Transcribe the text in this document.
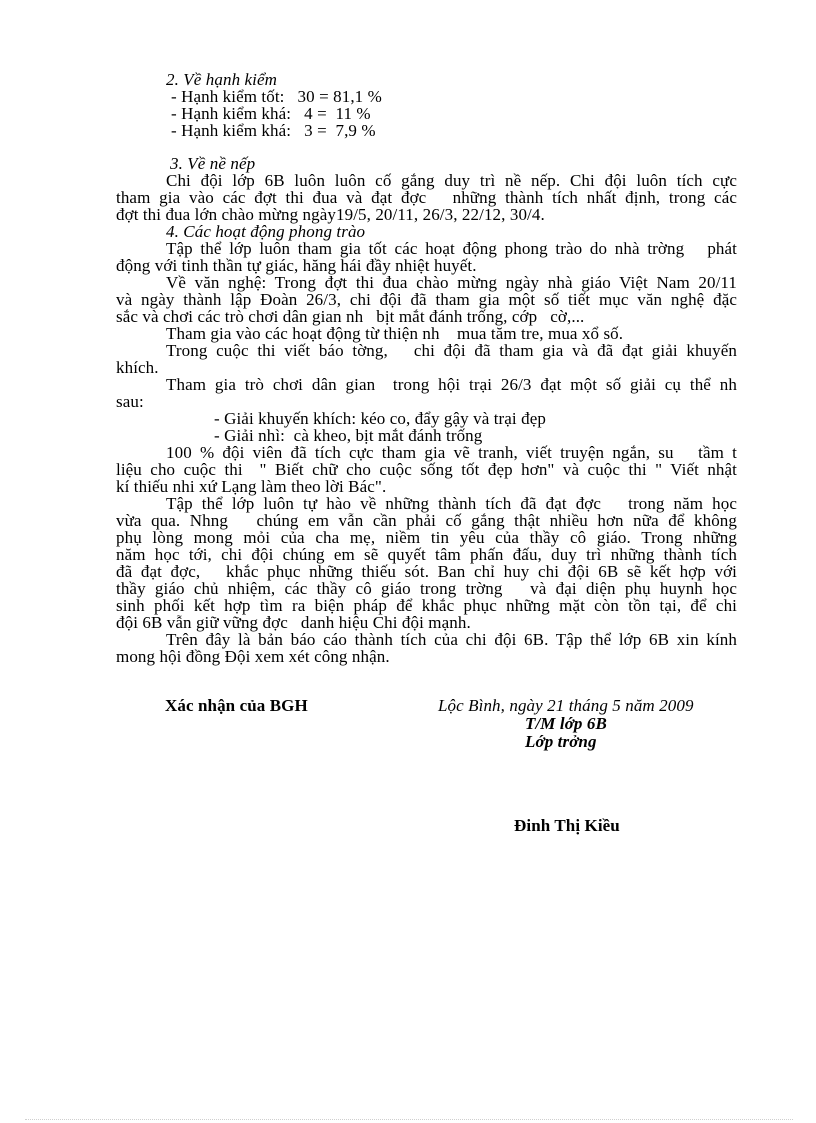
2. Về hạnh kiểm
- Hạnh kiểm tốt:   30 = 81,1 %
- Hạnh kiểm khá:   4 =  11 %
- Hạnh kiểm khá:   3 =  7,9 %
3. Về nề nếp
Chi đội lớp 6B luôn luôn cố gắng duy trì nề nếp. Chi đội luôn tích cực
tham gia vào các đợt thi đua và đạt đợc   những thành tích nhất định, trong các
đợt thi đua lớn chào mừng ngày19/5, 20/11, 26/3, 22/12, 30/4.
4. Các hoạt động phong trào
Tập thể lớp luôn tham gia tốt các hoạt động phong trào do nhà trờng   phát
động với tinh thần tự giác, hăng hái đầy nhiệt huyết.
Về văn nghệ: Trong đợt thi đua chào mừng ngày nhà giáo Việt Nam 20/11
và ngày thành lập Đoàn 26/3, chi đội đã tham gia một số tiết mục văn nghệ đặc
sắc và chơi các trò chơi dân gian nh   bịt mắt đánh trống, cớp   cờ,...
Tham gia vào các hoạt động từ thiện nh    mua tăm tre, mua xổ số.
Trong cuộc thi viết báo tờng,   chi đội đã tham gia và đã đạt giải khuyến
khích.
Tham gia trò chơi dân gian  trong hội trại 26/3 đạt một số giải cụ thể nh
sau:
- Giải khuyến khích: kéo co, đẩy gậy và trại đẹp
- Giải nhì:  cà kheo, bịt mắt đánh trống
100 % đội viên đã tích cực tham gia vẽ tranh, viết truyện ngắn, su   tầm t
liệu cho cuộc thi  " Biết chữ cho cuộc sống tốt đẹp hơn" và cuộc thi " Viết nhật
kí thiếu nhi xứ Lạng làm theo lời Bác".
Tập thể lớp luôn tự hào về những thành tích đã đạt đợc   trong năm học
vừa qua. Nhng   chúng em vẫn cần phải cố gắng thật nhiều hơn nữa để không
phụ lòng mong mỏi của cha mẹ, niềm tin yêu của thầy cô giáo. Trong những
năm học tới, chi đội chúng em sẽ quyết tâm phấn đấu, duy trì những thành tích
đã đạt đợc,   khắc phục những thiếu sót. Ban chỉ huy chi đội 6B sẽ kết hợp với
thầy giáo chủ nhiệm, các thầy cô giáo trong trờng   và đại diện phụ huynh học
sinh phối kết hợp tìm ra biện pháp để khắc phục những mặt còn tồn tại, để chi
đội 6B vẫn giữ vững đợc   danh hiệu Chi đội mạnh.
Trên đây là bản báo cáo thành tích của chi đội 6B. Tập thể lớp 6B xin kính
mong hội đồng Đội xem xét công nhận.
Xác nhận của BGH	Lộc Bình, ngày 21 tháng 5 năm 2009
T/M lớp 6B
Lớp trởng
Đinh Thị Kiều
